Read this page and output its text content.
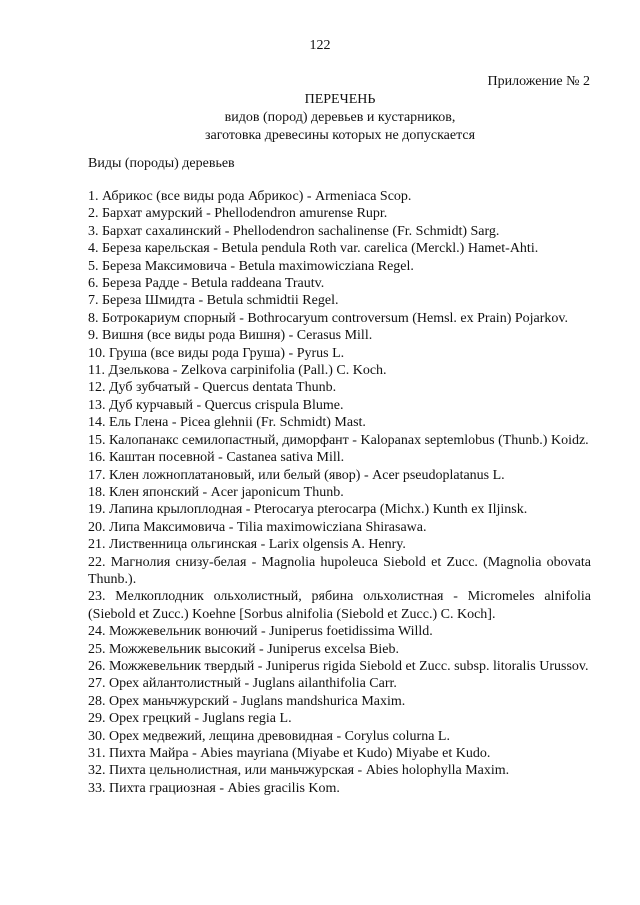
122
Приложение № 2
ПЕРЕЧЕНЬ
видов (пород) деревьев и кустарников,
заготовка древесины которых не допускается
Виды (породы) деревьев
1. Абрикос (все виды рода Абрикос) - Armeniaca Scop.
2. Бархат амурский - Phellodendron amurense Rupr.
3. Бархат сахалинский - Phellodendron sachalinense (Fr. Schmidt) Sarg.
4. Береза карельская - Betula pendula Roth var. carelica (Merckl.) Hamet-Ahti.
5. Береза Максимовича - Betula maximowicziana Regel.
6. Береза Радде - Betula raddeana Trautv.
7. Береза Шмидта - Betula schmidtii Regel.
8. Ботрокариум спорный - Bothrocaryum controversum (Hemsl. ex Prain) Pojarkov.
9. Вишня (все виды рода Вишня) - Cerasus Mill.
10. Груша (все виды рода Груша) - Pyrus L.
11. Дзелькова - Zelkova carpinifolia (Pall.) C. Koch.
12. Дуб зубчатый - Quercus dentata Thunb.
13. Дуб курчавый - Quercus crispula Blume.
14. Ель Глена - Picea glehnii (Fr. Schmidt) Mast.
15. Калопанакс семилопастный, диморфант - Kalopanax septemlobus (Thunb.) Koidz.
16. Каштан посевной - Castanea sativa Mill.
17. Клен ложноплатановый, или белый (явор) - Acer pseudoplatanus L.
18. Клен японский - Acer japonicum Thunb.
19. Лапина крылоплодная - Pterocarya pterocarpa (Michx.) Kunth ex Iljinsk.
20. Липа Максимовича - Tilia maximowicziana Shirasawa.
21. Лиственница ольгинская - Larix olgensis A. Henry.
22. Магнолия снизу-белая - Magnolia hupoleuca Siebold et Zucc. (Magnolia obovata Thunb.).
23. Мелкоплодник ольхолистный, рябина ольхолистная - Micromeles alnifolia (Siebold et Zucc.) Koehne [Sorbus alnifolia (Siebold et Zucc.) C. Koch].
24. Можжевельник вонючий - Juniperus foetidissima Willd.
25. Можжевельник высокий - Juniperus excelsa Bieb.
26. Можжевельник твердый - Juniperus rigida Siebold et Zucc. subsp. litoralis Urussov.
27. Орех айлантолистный - Juglans ailanthifolia Carr.
28. Орех маньчжурский - Juglans mandshurica Maxim.
29. Орех грецкий - Juglans regia L.
30. Орех медвежий, лещина древовидная - Corylus colurna L.
31. Пихта Майра - Abies mayriana (Miyabe et Kudo) Miyabe et Kudo.
32. Пихта цельнолистная, или маньчжурская - Abies holophylla Maxim.
33. Пихта грациозная - Abies gracilis Kom.
